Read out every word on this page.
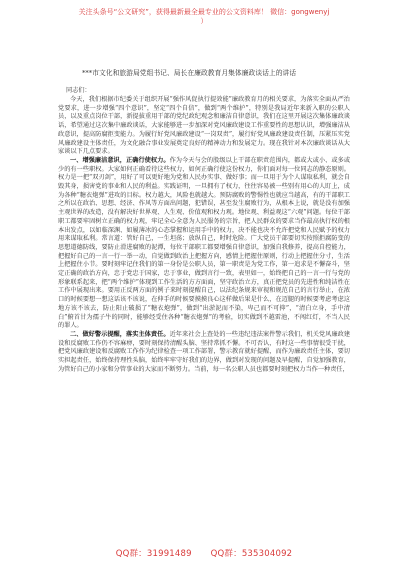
关注头条号“公文研究”，获得最新最全最专业的公文资料库！ 微信：gongwenyj
）

***市文化和旅游局党组书记、局长在廉政教育月集体廉政谈话上的讲话

同志们：

今天，我们根据市纪委关于组织开展“强作风促执行提效能”廉政教育月的相关要求，为落实全面从严治党要求，进一步增强“四个意识”，坚定“四个自信”，做到“两个维护”，特别是我局近年来新入职的公职人员，以及重点岗位干部，新提拔重用干部的党纪政纪观念和廉洁自律意识，我们在这里开展这次集体廉政谈话，希望通过这次集中廉政谈话，大家能够进一步加深对党风廉政建设工作重要性的思想认识，增强廉洁从政意识，提高防腐拒变能力。为履行好党风廉政建设“一岗双责”，履行好党风廉政建设责任制，压紧压实党风廉政建设主体责任，为文化融合事业发展奠定良好的精神动力和发展定力。现在我针对本次廉政谈话从大家谈以下几点要求。

一、增强廉洁意识，正确行使权力。作为今天与会的股级以上干部在职责范围内，都或大或小、或多或少的有一些职权。大家如何正确看待这些权力，如何正确行使这份权力，你们面对每一位同志的静态原则。权力是一把“双刃剑”，用好了可以更好地为党和人民办实事、做好事；而一旦用于为个人谋取私利，就会自毁其身，损害党的事业和人民的利益。实践证明，一旦拥有了权力，往往容易被一些别有用心的人盯上，成为各种“糖衣炮弹”进攻的目标。权力越大，风险也就越大。预防腐败的警惕性也就应当越高，有的干部职工之所以在政治、思想、经济、作风等方面出问题，犯错误，甚至发生腐败行为，从根本上说，就是没有加强主观世界的改造，没有解决好世界观、人生观、价值观和权力观。地位观、利益观这“六观”问题。每位干部职工都要牢固树立正确的权力观，牢记全心全意为人民服务的宗旨，把人民群众的要求当作最高执行权的根本出发点，以如临深渊、如履薄冰的心态掌握和运用手中的权力，决不能也决不允许把党和人民赋予的权力用来谋取私利。常言道：管好自己，一生坦荡；放纵自己，时时危险。广大党员干部要切实按照拒腐防变的思想道德防线，要防止滑进腐败的泥潭，每位干部职工都要增强自律意识，加强自我修养，提高自控能力，把握好自己的一言一行一举一动，自觉做到政治上把握方向，感情上把握住原则，行动上把握住分寸，生活上把握住小节。要时刻牢记住我们的第一身份是公职人员，第一职责是为党工作，第一追求是不懈奋斗，坚定正确的政治方向，忠于党忠于国家，忠于事业，做到言行一致，表里如一，始终把自己的一言一行与党的形象联系起来，把“两个维护”体现到工作生活的方方面面，坚守政治立方，真正把党员的先进性和纯洁性在工作中展现出来。要用正反两方面的例子来时刻提醒自己，以法纪条规来审视和规范自己的言行举止，在浓口的时候要想一想这话该不该说，在伸手的时候要摸摸良心这样做后果是什么，在迈腿的时候要考虑考虑这地方该不该去，防止阳止破损了“糖衣炮弹”，做到“出淤泥而不染，卑己而不可抑”，“清白立身，手中清白”俯首甘为孺子牛的同时，能够经受住各种“糖衣炮弹”的考验，切实做到不越雷池，不闯红灯，不当人民的罪人。

二、做好警示提醒，落实主体责任。近年来社会上查处的一些违纪违法案件警示我们，机关党风廉政建设和反腐败工作仍不容麻痹，要时刻保持清醒头脑、坚持常抓不懈。不可否认，有时这一些事情很受干扰，把党风廉政建设和反腐败工作作为纪律检查一项工作部署，警示教育就好提醒，而作为廉政责任主体，要切实担起责任，始终保持理性头脑，始终牢牢守好我们的边界，做到对发现的问题及早提醒，自觉加强教育，为管好自己的小家和分管事业的大家而不断努力。当前，每一名公职人员也都要时刻把权力当作一种责任，

QQ群：31991489 QQ群：535304092
